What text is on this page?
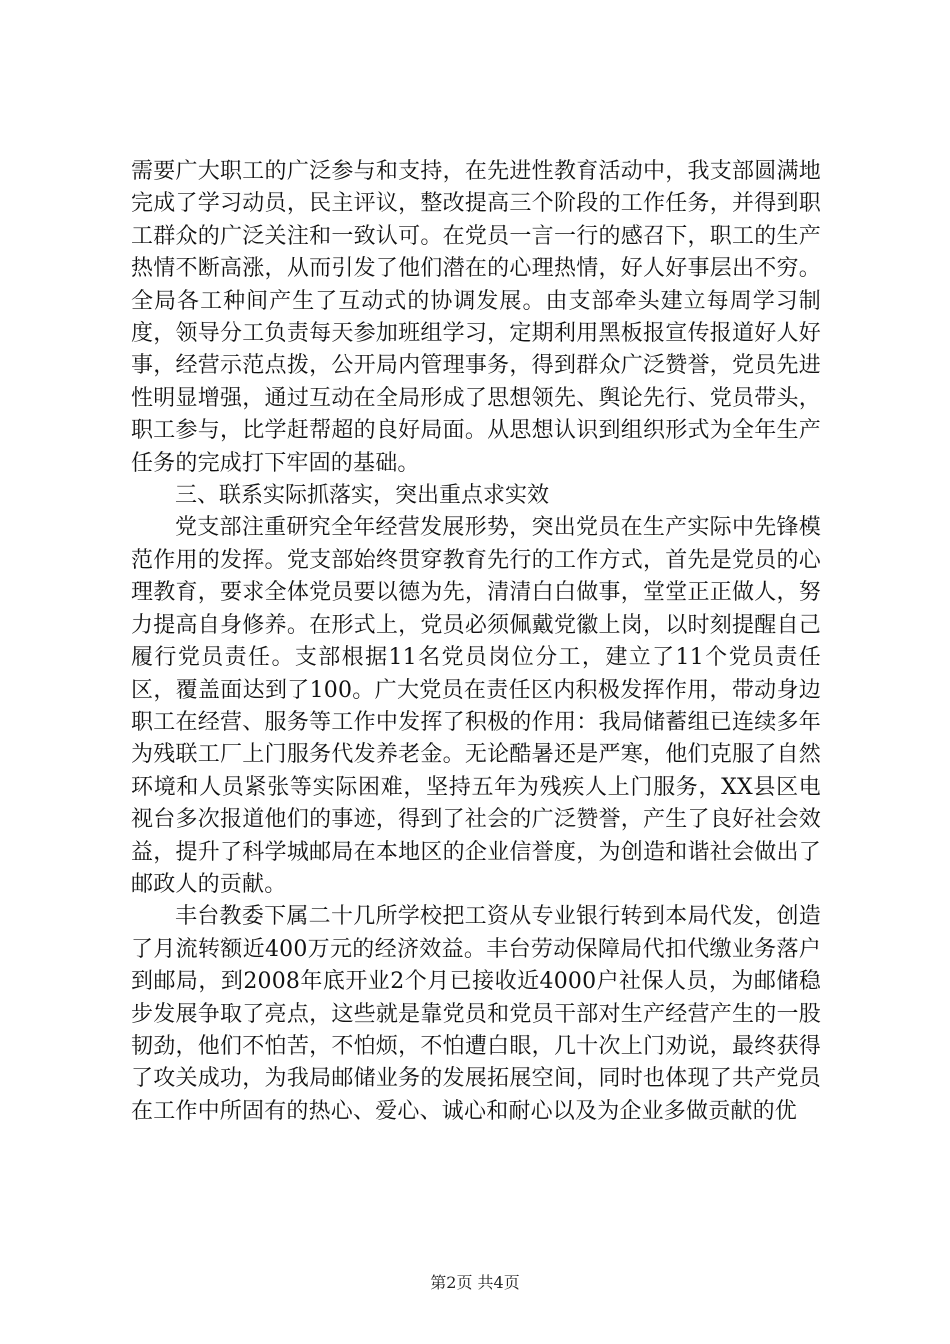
需要广大职工的广泛参与和支持，在先进性教育活动中，我支部圆满地完成了学习动员，民主评议，整改提高三个阶段的工作任务，并得到职工群众的广泛关注和一致认可。在党员一言一行的感召下，职工的生产热情不断高涨，从而引发了他们潜在的心理热情，好人好事层出不穷。全局各工种间产生了互动式的协调发展。由支部牵头建立每周学习制度，领导分工负责每天参加班组学习，定期利用黑板报宣传报道好人好事，经营示范点拨，公开局内管理事务，得到群众广泛赞誉，党员先进性明显增强，通过互动在全局形成了思想领先、舆论先行、党员带头，职工参与，比学赶帮超的良好局面。从思想认识到组织形式为全年生产任务的完成打下牢固的基础。

三、联系实际抓落实，突出重点求实效

党支部注重研究全年经营发展形势，突出党员在生产实际中先锋模范作用的发挥。党支部始终贯穿教育先行的工作方式，首先是党员的心理教育，要求全体党员要以德为先，清清白白做事，堂堂正正做人，努力提高自身修养。在形式上，党员必须佩戴党徽上岗，以时刻提醒自己履行党员责任。支部根据11名党员岗位分工，建立了11个党员责任区，覆盖面达到了100。广大党员在责任区内积极发挥作用，带动身边职工在经营、服务等工作中发挥了积极的作用：我局储蓄组已连续多年为残联工厂上门服务代发养老金。无论酷暑还是严寒，他们克服了自然环境和人员紧张等实际困难，坚持五年为残疾人上门服务，XX县区电视台多次报道他们的事迹，得到了社会的广泛赞誉，产生了良好社会效益，提升了科学城邮局在本地区的企业信誉度，为创造和谐社会做出了邮政人的贡献。

丰台教委下属二十几所学校把工资从专业银行转到本局代发，创造了月流转额近400万元的经济效益。丰台劳动保障局代扣代缴业务落户到邮局，到2008年底开业2个月已接收近4000户社保人员，为邮储稳步发展争取了亮点，这些就是靠党员和党员干部对生产经营产生的一股韧劲，他们不怕苦，不怕烦，不怕遭白眼，几十次上门劝说，最终获得了攻关成功，为我局邮储业务的发展拓展空间，同时也体现了共产党员在工作中所固有的热心、爱心、诚心和耐心以及为企业多做贡献的优

第2页 共4页
